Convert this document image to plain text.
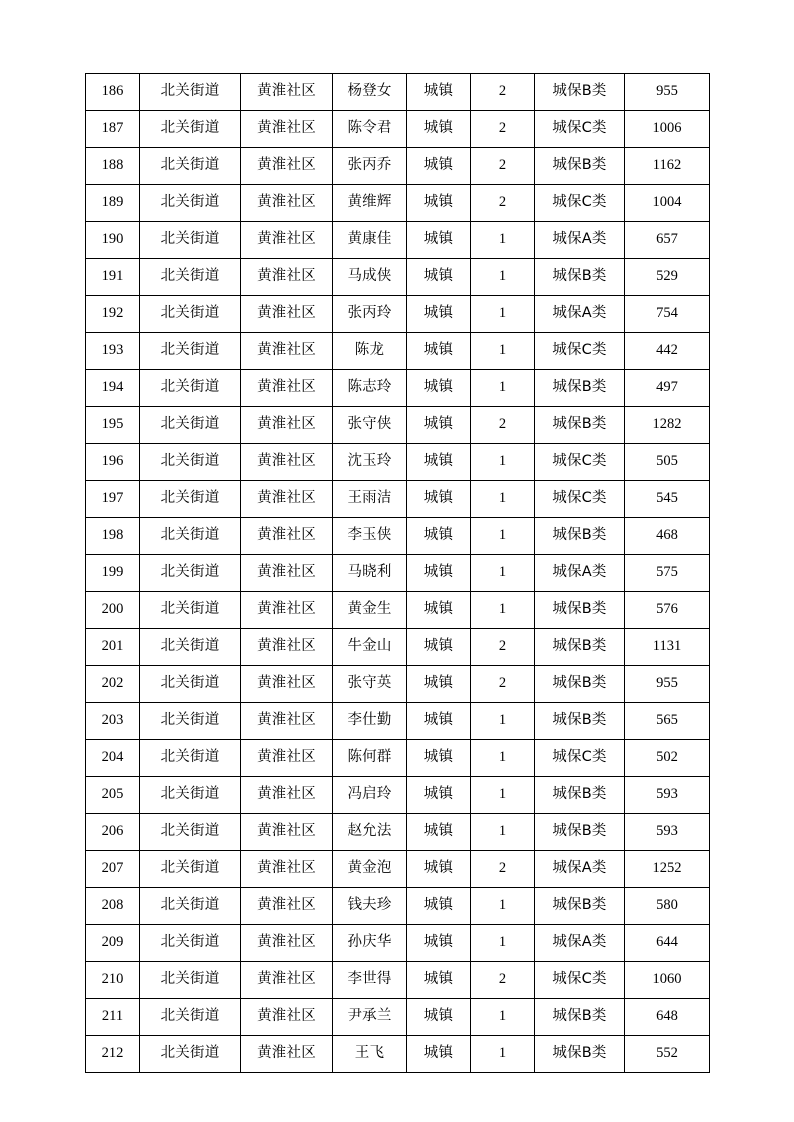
186	北关街道	黄淮社区	杨登女	城镇	2	城保B类	955
187	北关街道	黄淮社区	陈令君	城镇	2	城保C类	1006
188	北关街道	黄淮社区	张丙乔	城镇	2	城保B类	1162
189	北关街道	黄淮社区	黄维辉	城镇	2	城保C类	1004
190	北关街道	黄淮社区	黄康佳	城镇	1	城保A类	657
191	北关街道	黄淮社区	马成侠	城镇	1	城保B类	529
192	北关街道	黄淮社区	张丙玲	城镇	1	城保A类	754
193	北关街道	黄淮社区	陈龙	城镇	1	城保C类	442
194	北关街道	黄淮社区	陈志玲	城镇	1	城保B类	497
195	北关街道	黄淮社区	张守侠	城镇	2	城保B类	1282
196	北关街道	黄淮社区	沈玉玲	城镇	1	城保C类	505
197	北关街道	黄淮社区	王雨洁	城镇	1	城保C类	545
198	北关街道	黄淮社区	李玉侠	城镇	1	城保B类	468
199	北关街道	黄淮社区	马晓利	城镇	1	城保A类	575
200	北关街道	黄淮社区	黄金生	城镇	1	城保B类	576
201	北关街道	黄淮社区	牛金山	城镇	2	城保B类	1131
202	北关街道	黄淮社区	张守英	城镇	2	城保B类	955
203	北关街道	黄淮社区	李仕勤	城镇	1	城保B类	565
204	北关街道	黄淮社区	陈何群	城镇	1	城保C类	502
205	北关街道	黄淮社区	冯启玲	城镇	1	城保B类	593
206	北关街道	黄淮社区	赵允法	城镇	1	城保B类	593
207	北关街道	黄淮社区	黄金泡	城镇	2	城保A类	1252
208	北关街道	黄淮社区	钱夫珍	城镇	1	城保B类	580
209	北关街道	黄淮社区	孙庆华	城镇	1	城保A类	644
210	北关街道	黄淮社区	李世得	城镇	2	城保C类	1060
211	北关街道	黄淮社区	尹承兰	城镇	1	城保B类	648
212	北关街道	黄淮社区	王飞	城镇	1	城保B类	552
